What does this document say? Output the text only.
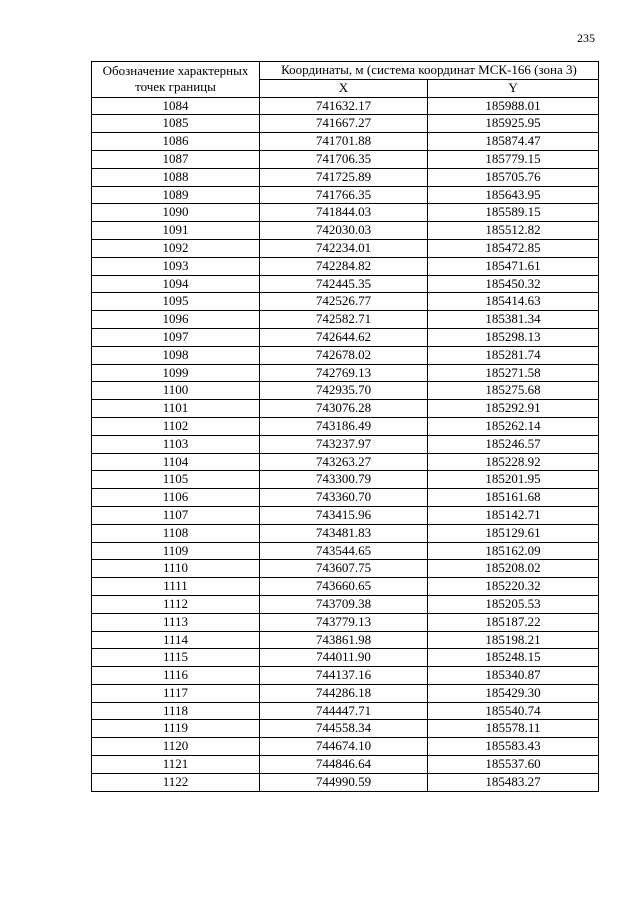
235
Обозначение характерных точек границы	Координаты, м (система координат МСК-166 (зона 3)	
	X	Y
1084	741632.17	185988.01
1085	741667.27	185925.95
1086	741701.88	185874.47
1087	741706.35	185779.15
1088	741725.89	185705.76
1089	741766.35	185643.95
1090	741844.03	185589.15
1091	742030.03	185512.82
1092	742234.01	185472.85
1093	742284.82	185471.61
1094	742445.35	185450.32
1095	742526.77	185414.63
1096	742582.71	185381.34
1097	742644.62	185298.13
1098	742678.02	185281.74
1099	742769.13	185271.58
1100	742935.70	185275.68
1101	743076.28	185292.91
1102	743186.49	185262.14
1103	743237.97	185246.57
1104	743263.27	185228.92
1105	743300.79	185201.95
1106	743360.70	185161.68
1107	743415.96	185142.71
1108	743481.83	185129.61
1109	743544.65	185162.09
1110	743607.75	185208.02
1111	743660.65	185220.32
1112	743709.38	185205.53
1113	743779.13	185187.22
1114	743861.98	185198.21
1115	744011.90	185248.15
1116	744137.16	185340.87
1117	744286.18	185429.30
1118	744447.71	185540.74
1119	744558.34	185578.11
1120	744674.10	185583.43
1121	744846.64	185537.60
1122	744990.59	185483.27
